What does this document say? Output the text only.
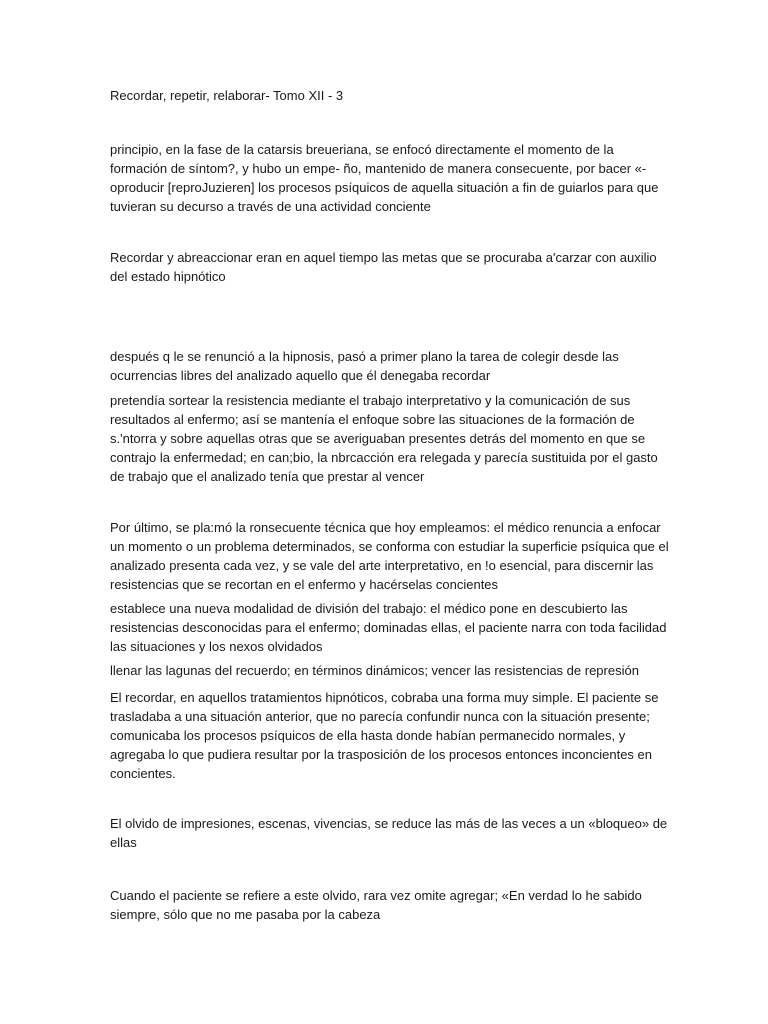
Recordar, repetir, relaborar- Tomo XII - 3

principio, en la fase de la catarsis breueriana, se enfocó directamente el momento de la formación de síntom?, y hubo un empe- ño, mantenido de manera consecuente, por bacer «-oproducir [reproJuzieren] los procesos psíquicos de aquella situación a fin de guiarlos para que tuvieran su decurso a través de una actividad conciente

Recordar y abreaccionar eran en aquel tiempo las metas que se procuraba a'carzar con auxilio del estado hipnótico

después q le se renunció a la hipnosis, pasó a primer plano la tarea de colegir desde las ocurrencias libres del analizado aquello que él denegaba recordar

pretendía sortear la resistencia mediante el trabajo interpretativo y la comunicación de sus resultados al enfermo; así se mantenía el enfoque sobre las situaciones de la formación de s.'ntorra y sobre aquellas otras que se averiguaban presentes detrás del momento en que se contrajo la enfermedad; en can;bio, la nbrcacción era relegada y parecía sustituida por el gasto de trabajo que el analizado tenía que prestar al vencer

Por último, se pla:mó la ronsecuente técnica que hoy empleamos: el médico renuncia a enfocar un momento o un problema determinados, se conforma con estudiar la superficie psíquica que el analizado presenta cada vez, y se vale del arte interpretativo, en !o esencial, para discernir las resistencias que se recortan en el enfermo y hacérselas concientes

establece una nueva modalidad de división del trabajo: el médico pone en descubierto las resistencias desconocidas para el enfermo; dominadas ellas, el paciente narra con toda facilidad las situaciones y los nexos olvidados

llenar las lagunas del recuerdo; en términos dinámicos; vencer las resistencias de represión

El recordar, en aquellos tratamientos hipnóticos, cobraba una forma muy simple. El paciente se trasladaba a una situación anterior, que no parecía confundir nunca con la situación presente; comunicaba los procesos psíquicos de ella hasta donde habían permanecido normales, y agregaba lo que pudiera resultar por la trasposición de los procesos entonces inconcientes en concientes.

El olvido de impresiones, escenas, vivencias, se reduce las más de las veces a un «bloqueo» de ellas

Cuando el paciente se refiere a este olvido, rara vez omite agregar; «En verdad lo he sabido siempre, sólo que no me pasaba por la cabeza
